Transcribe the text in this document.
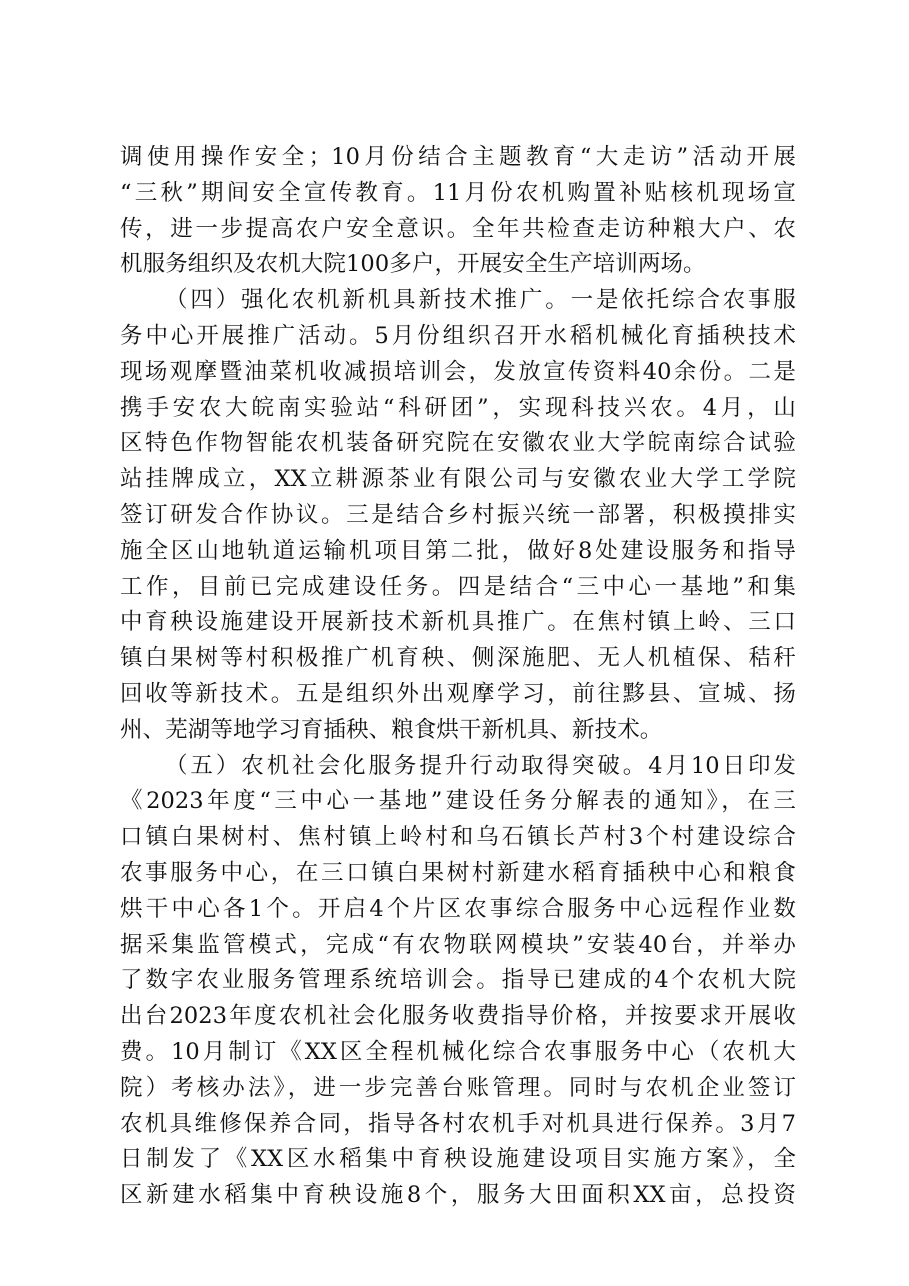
调使用操作安全；10月份结合主题教育“大走访”活动开展
“三秋”期间安全宣传教育。11月份农机购置补贴核机现场宣
传，进一步提高农户安全意识。全年共检查走访种粮大户、农
机服务组织及农机大院100多户，开展安全生产培训两场。
（四）强化农机新机具新技术推广。一是依托综合农事服
务中心开展推广活动。5月份组织召开水稻机械化育插秧技术
现场观摩暨油菜机收减损培训会，发放宣传资料40余份。二是
携手安农大皖南实验站“科研团”，实现科技兴农。4月，山
区特色作物智能农机装备研究院在安徽农业大学皖南综合试验
站挂牌成立，XX立耕源茶业有限公司与安徽农业大学工学院
签订研发合作协议。三是结合乡村振兴统一部署，积极摸排实
施全区山地轨道运输机项目第二批，做好8处建设服务和指导
工作，目前已完成建设任务。四是结合“三中心一基地”和集
中育秧设施建设开展新技术新机具推广。在焦村镇上岭、三口
镇白果树等村积极推广机育秧、侧深施肥、无人机植保、秸秆
回收等新技术。五是组织外出观摩学习，前往黟县、宣城、扬
州、芜湖等地学习育插秧、粮食烘干新机具、新技术。
（五）农机社会化服务提升行动取得突破。4月10日印发
《2023年度“三中心一基地”建设任务分解表的通知》，在三
口镇白果树村、焦村镇上岭村和乌石镇长芦村3个村建设综合
农事服务中心，在三口镇白果树村新建水稻育插秧中心和粮食
烘干中心各1个。开启4个片区农事综合服务中心远程作业数
据采集监管模式，完成“有农物联网模块”安装40台，并举办
了数字农业服务管理系统培训会。指导已建成的4个农机大院
出台2023年度农机社会化服务收费指导价格，并按要求开展收
费。10月制订《XX区全程机械化综合农事服务中心（农机大
院）考核办法》，进一步完善台账管理。同时与农机企业签订
农机具维修保养合同，指导各村农机手对机具进行保养。3月7
日制发了《XX区水稻集中育秧设施建设项目实施方案》，全
区新建水稻集中育秧设施8个，服务大田面积XX亩，总投资
